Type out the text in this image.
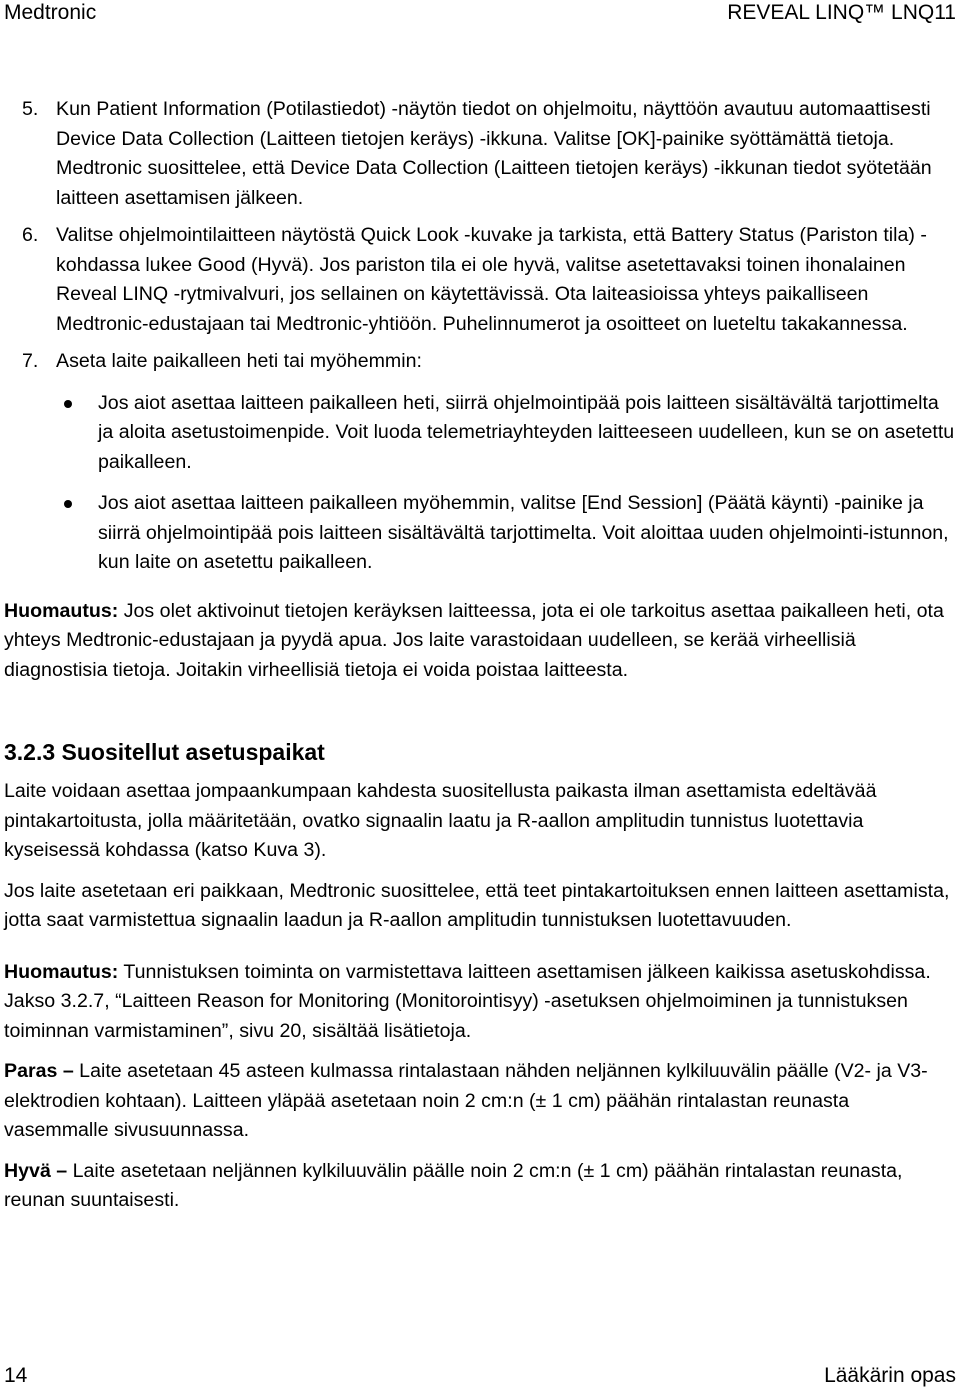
Medtronic	REVEAL LINQ™ LNQ11
5. Kun Patient Information (Potilastiedot) -näytön tiedot on ohjelmoitu, näyttöön avautuu automaattisesti Device Data Collection (Laitteen tietojen keräys) -ikkuna. Valitse [OK]-painike syöttämättä tietoja. Medtronic suosittelee, että Device Data Collection (Laitteen tietojen keräys) -ikkunan tiedot syötetään laitteen asettamisen jälkeen.
6. Valitse ohjelmointilaitteen näytöstä Quick Look -kuvake ja tarkista, että Battery Status (Pariston tila) -kohdassa lukee Good (Hyvä). Jos pariston tila ei ole hyvä, valitse asetettavaksi toinen ihonalainen Reveal LINQ -rytmivalvuri, jos sellainen on käytettävissä. Ota laiteasioissa yhteys paikalliseen Medtronic-edustajaan tai Medtronic-yhtiöön. Puhelinnumerot ja osoitteet on lueteltu takakannessa.
7. Aseta laite paikalleen heti tai myöhemmin:
Jos aiot asettaa laitteen paikalleen heti, siirrä ohjelmointipää pois laitteen sisältävältä tarjottimelta ja aloita asetustoimenpide. Voit luoda telemetriayhteyden laitteeseen uudelleen, kun se on asetettu paikalleen.
Jos aiot asettaa laitteen paikalleen myöhemmin, valitse [End Session] (Päätä käynti) -painike ja siirrä ohjelmointipää pois laitteen sisältävältä tarjottimelta. Voit aloittaa uuden ohjelmointi-istunnon, kun laite on asetettu paikalleen.

Huomautus: Jos olet aktivoinut tietojen keräyksen laitteessa, jota ei ole tarkoitus asettaa paikalleen heti, ota yhteys Medtronic-edustajaan ja pyydä apua. Jos laite varastoidaan uudelleen, se kerää virheellisiä diagnostisia tietoja. Joitakin virheellisiä tietoja ei voida poistaa laitteesta.

3.2.3 Suositellut asetuspaikat

Laite voidaan asettaa jompaankumpaan kahdesta suositellusta paikasta ilman asettamista edeltävää pintakartoitusta, jolla määritetään, ovatko signaalin laatu ja R-aallon amplitudin tunnistus luotettavia kyseisessä kohdassa (katso Kuva 3).

Jos laite asetetaan eri paikkaan, Medtronic suosittelee, että teet pintakartoituksen ennen laitteen asettamista, jotta saat varmistettua signaalin laadun ja R-aallon amplitudin tunnistuksen luotettavuuden.

Huomautus: Tunnistuksen toiminta on varmistettava laitteen asettamisen jälkeen kaikissa asetuskohdissa. Jakso 3.2.7, “Laitteen Reason for Monitoring (Monitorointisyy) -asetuksen ohjelmoiminen ja tunnistuksen toiminnan varmistaminen”, sivu 20, sisältää lisätietoja.

Paras – Laite asetetaan 45 asteen kulmassa rintalastaan nähden neljännen kylkiluuvälin päälle (V2- ja V3-elektrodien kohtaan). Laitteen yläpää asetetaan noin 2 cm:n (± 1 cm) päähän rintalastan reunasta vasemmalle sivusuunnassa.

Hyvä – Laite asetetaan neljännen kylkiluuvälin päälle noin 2 cm:n (± 1 cm) päähän rintalastan reunasta, reunan suuntaisesti.

14	Lääkärin opas
